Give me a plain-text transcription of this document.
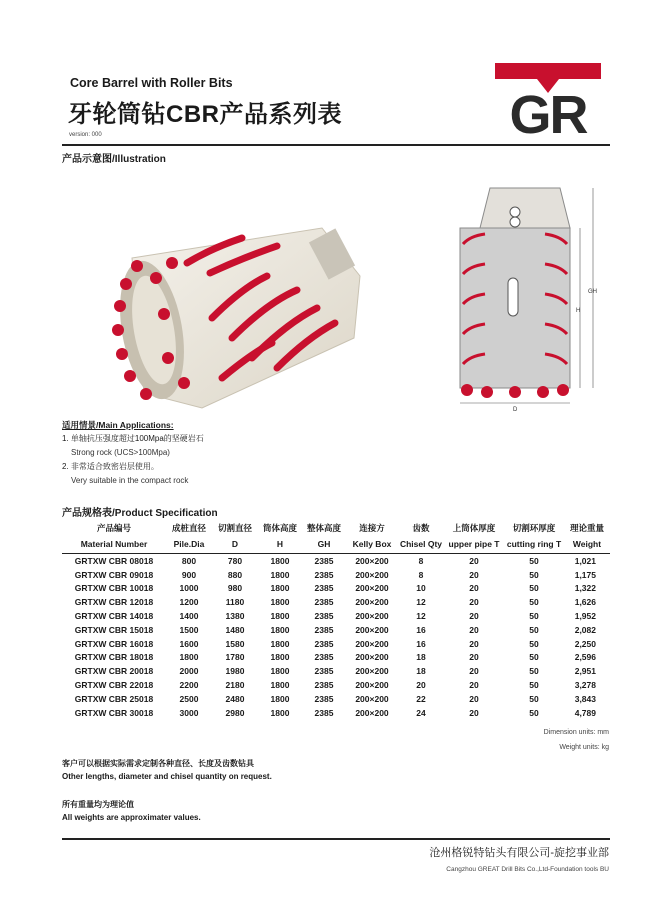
Core Barrel with Roller Bits
牙轮筒钻CBR产品系列表
version: 000	GR
产品示意图/Illustration
H
GH
D
适用情景/Main Applications:
1. 单轴抗压强度超过100Mpa的坚硬岩石
Strong rock (UCS>100Mpa)
2. 非常适合致密岩层使用。
Very suitable in the compact rock
产品规格表/Product Specification
产品编号	成桩直径	切割直径	筒体高度	整体高度	连接方	齿数	上筒体厚度	切割环厚度	理论重量
Material Number	Pile.Dia	D	H	GH	Kelly Box	Chisel Qty	upper pipe T	cutting ring T	Weight
GRTXW CBR 08018	800	780	1800	2385	200×200	8	20	50	1,021
GRTXW CBR 09018	900	880	1800	2385	200×200	8	20	50	1,175
GRTXW CBR 10018	1000	980	1800	2385	200×200	10	20	50	1,322
GRTXW CBR 12018	1200	1180	1800	2385	200×200	12	20	50	1,626
GRTXW CBR 14018	1400	1380	1800	2385	200×200	12	20	50	1,952
GRTXW CBR 15018	1500	1480	1800	2385	200×200	16	20	50	2,082
GRTXW CBR 16018	1600	1580	1800	2385	200×200	16	20	50	2,250
GRTXW CBR 18018	1800	1780	1800	2385	200×200	18	20	50	2,596
GRTXW CBR 20018	2000	1980	1800	2385	200×200	18	20	50	2,951
GRTXW CBR 22018	2200	2180	1800	2385	200×200	20	20	50	3,278
GRTXW CBR 25018	2500	2480	1800	2385	200×200	22	20	50	3,843
GRTXW CBR 30018	3000	2980	1800	2385	200×200	24	20	50	4,789
Dimension units: mm
Weight units: kg
客户可以根据实际需求定制各种直径、长度及齿数钻具
Other lengths, diameter and chisel quantity on request.
所有重量均为理论值
All weights are approximater values.
沧州格锐特钻头有限公司-旋挖事业部
Cangzhou GREAT Drill Bits Co.,Ltd-Foundation tools BU
